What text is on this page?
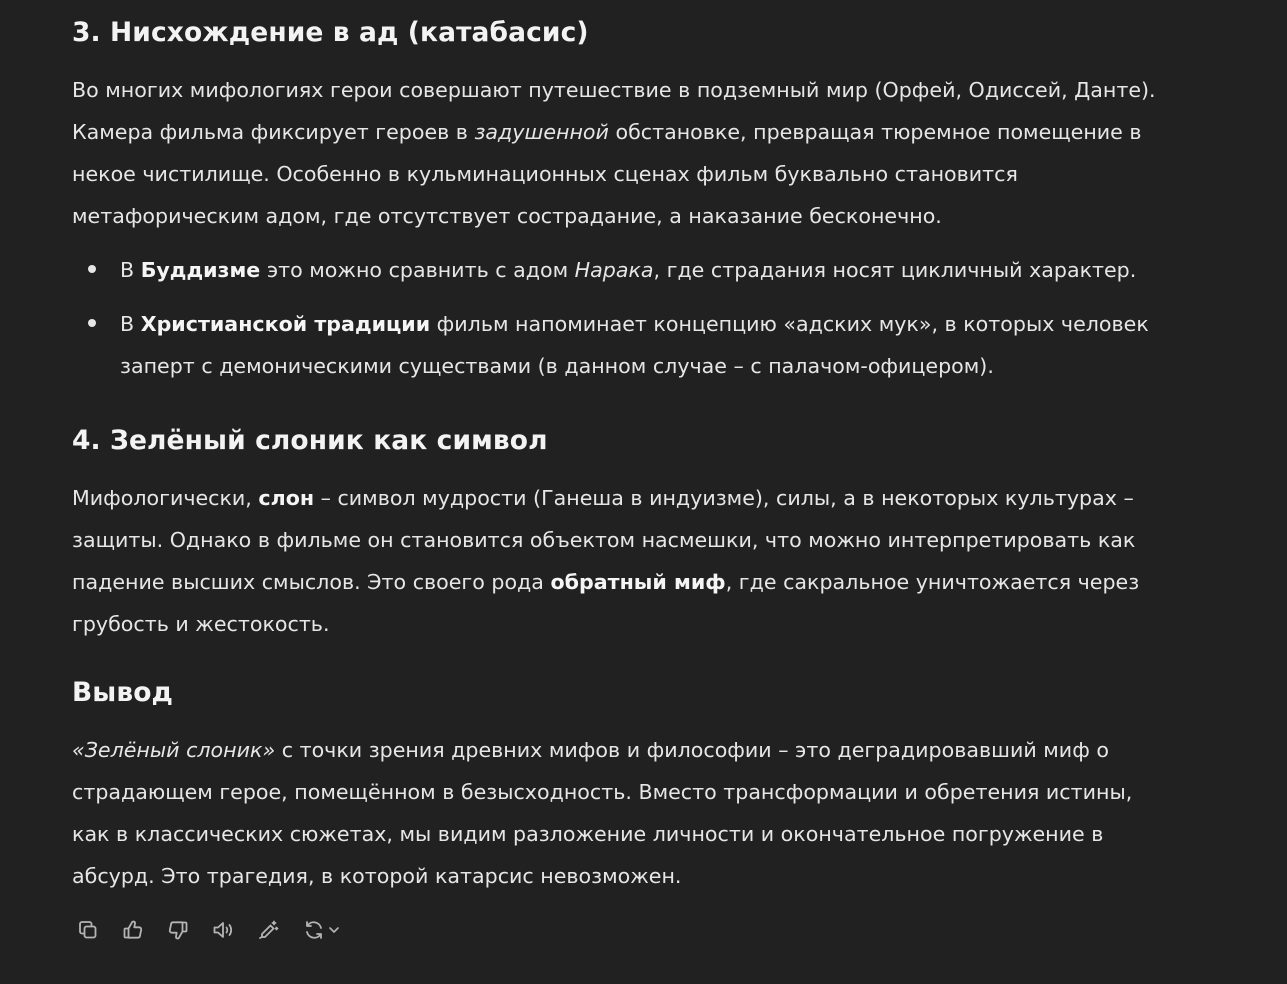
3. Нисхождение в ад (катабасис)

Во многих мифологиях герои совершают путешествие в подземный мир (Орфей, Одиссей, Данте). Камера фильма фиксирует героев в задушенной обстановке, превращая тюремное помещение в некое чистилище. Особенно в кульминационных сценах фильм буквально становится метафорическим адом, где отсутствует сострадание, а наказание бесконечно.

В Буддизме это можно сравнить с адом Нарака, где страдания носят цикличный характер.
В Христианской традиции фильм напоминает концепцию «адских мук», в которых человек заперт с демоническими существами (в данном случае – с палачом-офицером).
4. Зелёный слоник как символ

Мифологически, слон – символ мудрости (Ганеша в индуизме), силы, а в некоторых культурах – защиты. Однако в фильме он становится объектом насмешки, что можно интерпретировать как падение высших смыслов. Это своего рода обратный миф, где сакральное уничтожается через грубость и жестокость.

Вывод

«Зелёный слоник» с точки зрения древних мифов и философии – это деградировавший миф о страдающем герое, помещённом в безысходность. Вместо трансформации и обретения истины, как в классических сюжетах, мы видим разложение личности и окончательное погружение в абсурд. Это трагедия, в которой катарсис невозможен.
